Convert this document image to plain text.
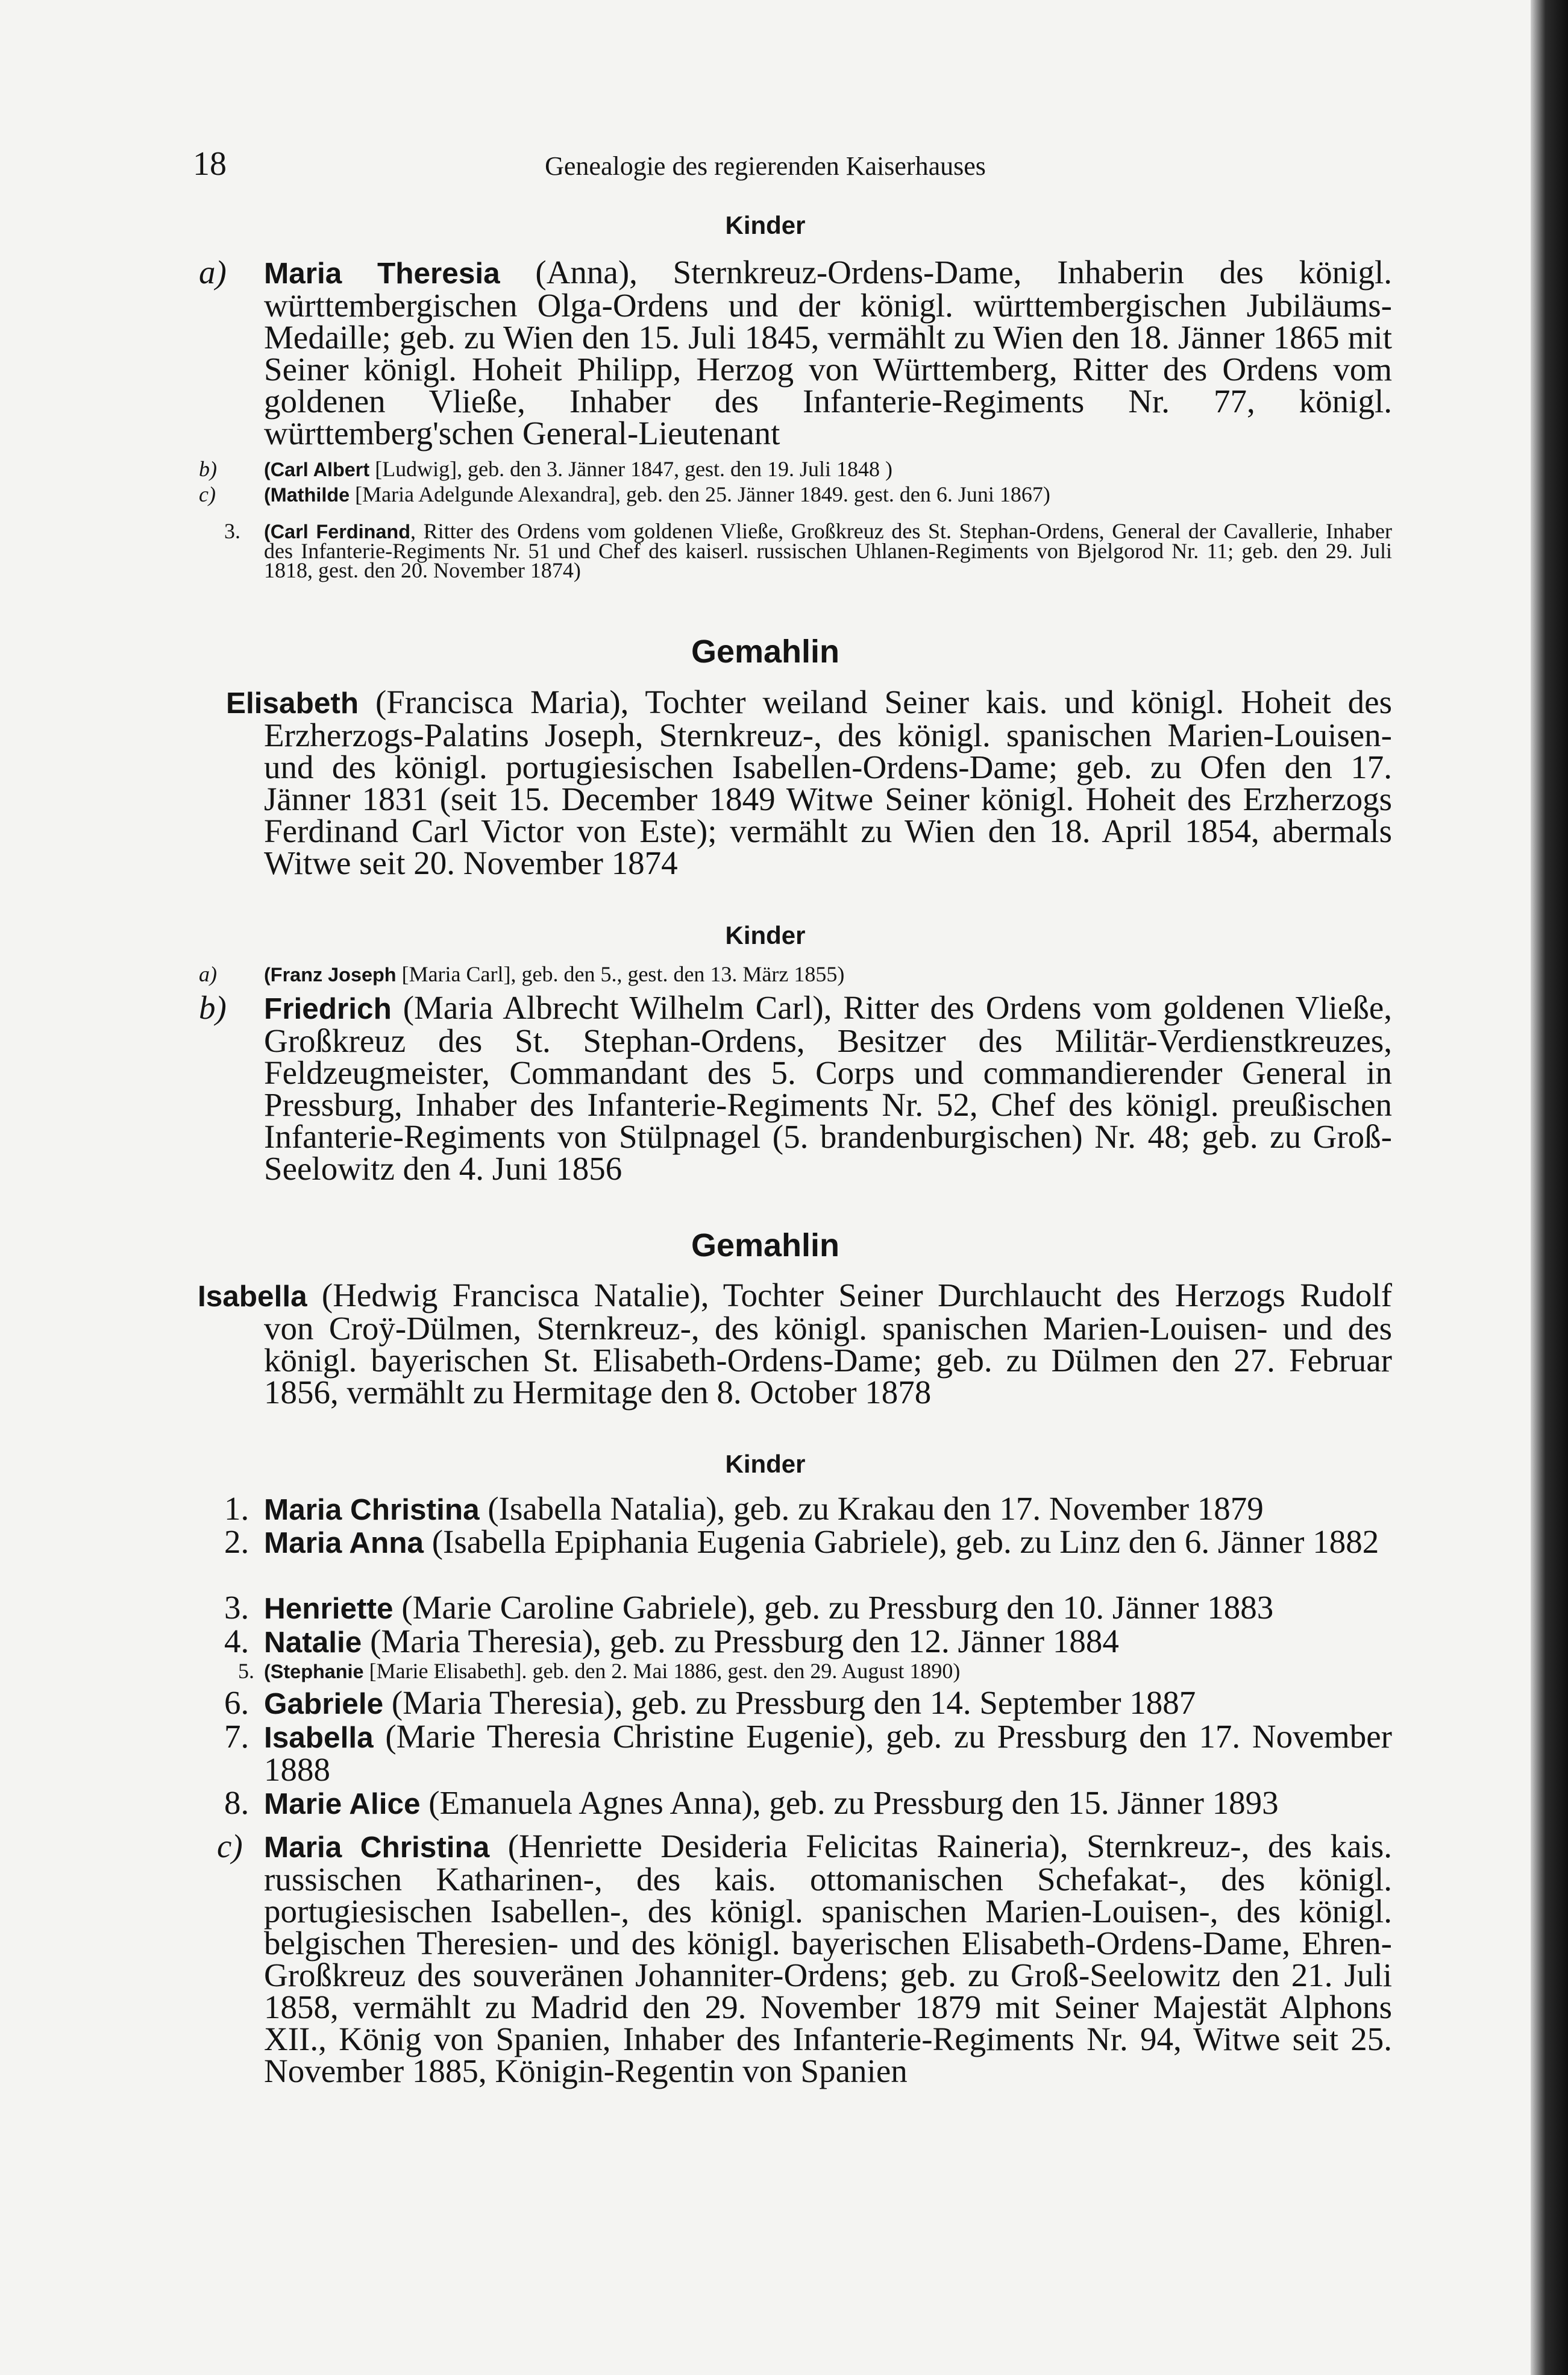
18	Genealogie des regierenden Kaiserhauses
Kinder
a) Maria Theresia (Anna), Sternkreuz-Ordens-Dame, Inhaberin des königl. württembergischen Olga-Ordens und der königl. württembergischen Jubiläums-Medaille; geb. zu Wien den 15. Juli 1845, vermählt zu Wien den 18. Jänner 1865 mit Seiner königl. Hoheit Philipp, Herzog von Württemberg, Ritter des Ordens vom goldenen Vließe, Inhaber des Infanterie-Regiments Nr. 77, königl. württemberg'schen General-Lieutenant
b) (Carl Albert [Ludwig], geb. den 3. Jänner 1847, gest. den 19. Juli 1848 )
c) (Mathilde [Maria Adelgunde Alexandra], geb. den 25. Jänner 1849. gest. den 6. Juni 1867)
3. (Carl Ferdinand, Ritter des Ordens vom goldenen Vließe, Großkreuz des St. Stephan-Ordens, General der Cavallerie, Inhaber des Infanterie-Regiments Nr. 51 und Chef des kaiserl. russischen Uhlanen-Regiments von Bjelgorod Nr. 11; geb. den 29. Juli 1818, gest. den 20. November 1874)
Gemahlin
Elisabeth (Francisca Maria), Tochter weiland Seiner kais. und königl. Hoheit des Erzherzogs-Palatins Joseph, Sternkreuz-, des königl. spanischen Marien-Louisen- und des königl. portugiesischen Isabellen-Ordens-Dame; geb. zu Ofen den 17. Jänner 1831 (seit 15. December 1849 Witwe Seiner königl. Hoheit des Erzherzogs Ferdinand Carl Victor von Este); vermählt zu Wien den 18. April 1854, abermals Witwe seit 20. November 1874
Kinder
a) (Franz Joseph [Maria Carl], geb. den 5., gest. den 13. März 1855)
b) Friedrich (Maria Albrecht Wilhelm Carl), Ritter des Ordens vom goldenen Vließe, Großkreuz des St. Stephan-Ordens, Besitzer des Militär-Verdienstkreuzes, Feldzeugmeister, Commandant des 5. Corps und commandierender General in Pressburg, Inhaber des Infanterie-Regiments Nr. 52, Chef des königl. preußischen Infanterie-Regiments von Stülpnagel (5. brandenburgischen) Nr. 48; geb. zu Groß-Seelowitz den 4. Juni 1856
Gemahlin
Isabella (Hedwig Francisca Natalie), Tochter Seiner Durchlaucht des Herzogs Rudolf von Croÿ-Dülmen, Sternkreuz-, des königl. spanischen Marien-Louisen- und des königl. bayerischen St. Elisabeth-Ordens-Dame; geb. zu Dülmen den 27. Februar 1856, vermählt zu Hermitage den 8. October 1878
Kinder
1. Maria Christina (Isabella Natalia), geb. zu Krakau den 17. November 1879
2. Maria Anna (Isabella Epiphania Eugenia Gabriele), geb. zu Linz den 6. Jänner 1882
3. Henriette (Marie Caroline Gabriele), geb. zu Pressburg den 10. Jänner 1883
4. Natalie (Maria Theresia), geb. zu Pressburg den 12. Jänner 1884
5. (Stephanie [Marie Elisabeth]. geb. den 2. Mai 1886, gest. den 29. August 1890)
6. Gabriele (Maria Theresia), geb. zu Pressburg den 14. September 1887
7. Isabella (Marie Theresia Christine Eugenie), geb. zu Pressburg den 17. November 1888
8. Marie Alice (Emanuela Agnes Anna), geb. zu Pressburg den 15. Jänner 1893
c) Maria Christina (Henriette Desideria Felicitas Raineria), Sternkreuz-, des kais. russischen Katharinen-, des kais. ottomanischen Schefakat-, des königl. portugiesischen Isabellen-, des königl. spanischen Marien-Louisen-, des königl. belgischen Theresien- und des königl. bayerischen Elisabeth-Ordens-Dame, Ehren-Großkreuz des souveränen Johanniter-Ordens; geb. zu Groß-Seelowitz den 21. Juli 1858, vermählt zu Madrid den 29. November 1879 mit Seiner Majestät Alphons XII., König von Spanien, Inhaber des Infanterie-Regiments Nr. 94, Witwe seit 25. November 1885, Königin-Regentin von Spanien
